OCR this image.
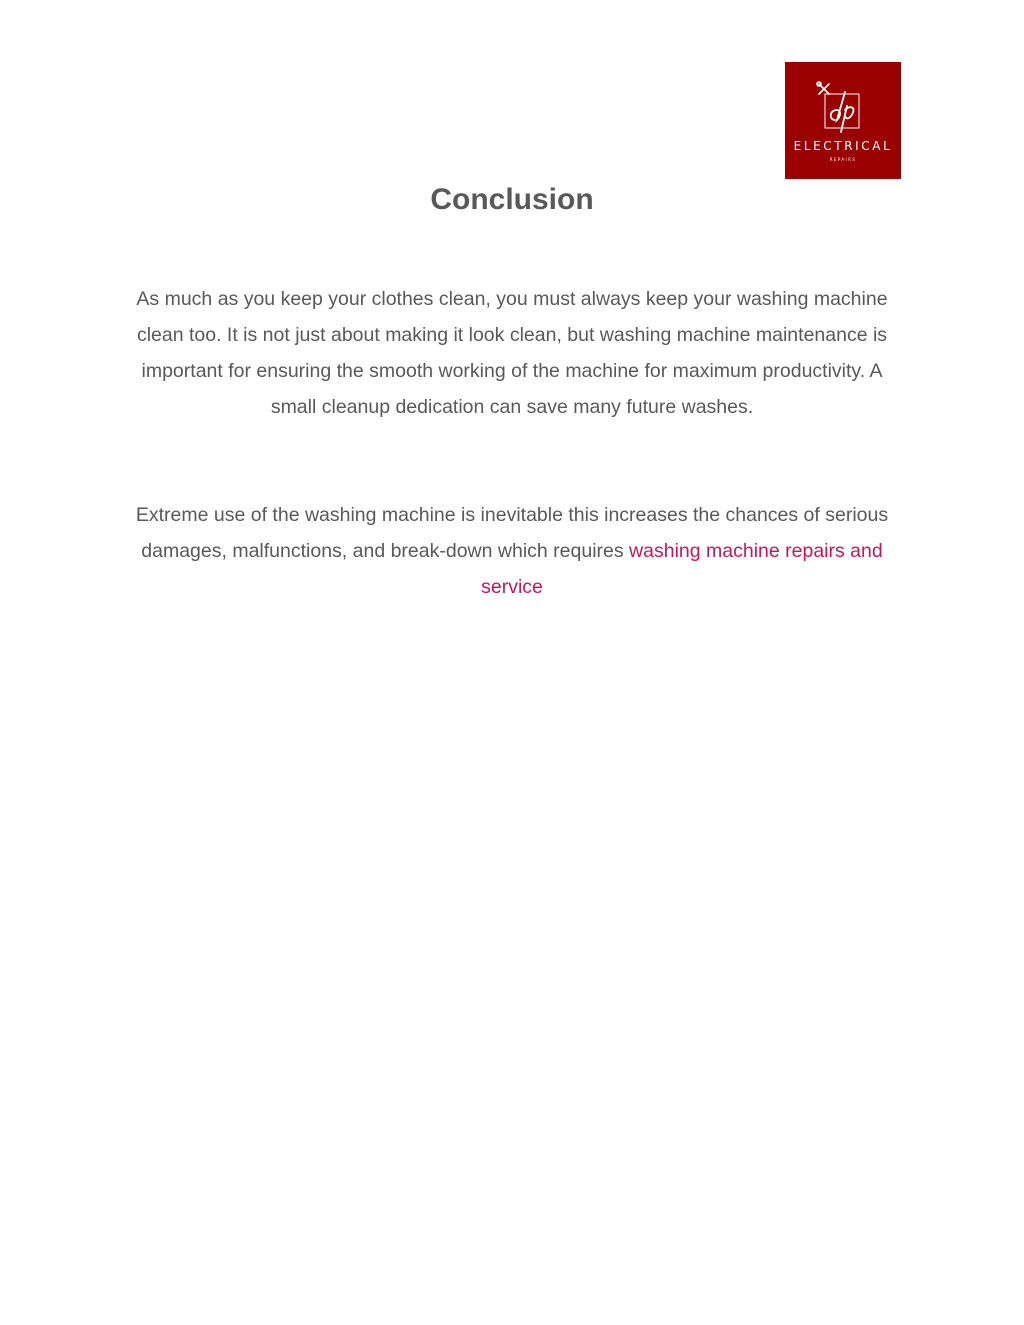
ELECTRICAL
REPAIRS
Conclusion

As much as you keep your clothes clean, you must always keep your washing machine clean too. It is not just about making it look clean, but washing machine maintenance is important for ensuring the smooth working of the machine for maximum productivity. A small cleanup dedication can save many future washes.

Extreme use of the washing machine is inevitable this increases the chances of serious damages, malfunctions, and break-down which requires washing machine repairs and service
